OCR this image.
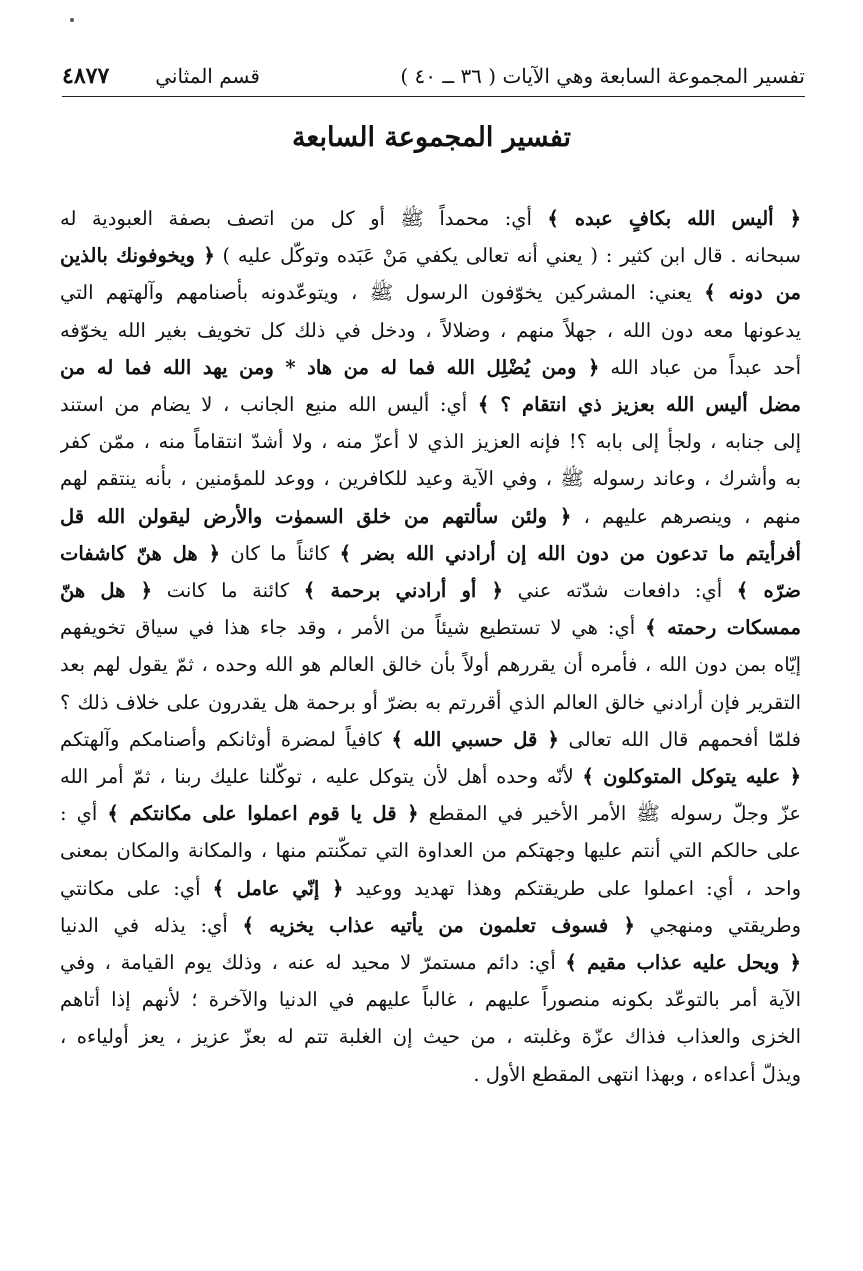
تفسير المجموعة السابعة وهي الآيات ( ٣٦ ــ ٤٠ )
قسم المثاني
٤٨٧٧
تفسير المجموعة السابعة
﴿ أليس الله بكافٍ عبده ﴾ أي: محمداً ﷺ أو كل من اتصف بصفة العبودية له
سبحانه . قال ابن كثير : ( يعني أنه تعالى يكفي مَنْ عَبَده وتوكّل عليه ) ﴿ ويخوفونك بالذين
من دونه ﴾ يعني: المشركين يخوّفون الرسول ﷺ ، ويتوعّدونه بأصنامهم وآلهتهم التي
يدعونها معه دون الله ، جهلاً منهم ، وضلالاً ، ودخل في ذلك كل تخويف بغير الله يخوّفه
أحد عبداً من عباد الله ﴿ ومن يُضْلِل الله فما له من هاد * ومن يهد الله فما له من
مضل أليس الله بعزيز ذي انتقام ؟ ﴾ أي: أليس الله منيع الجانب ، لا يضام من استند
إلى جنابه ، ولجأ إلى بابه ؟! فإنه العزيز الذي لا أعزّ منه ، ولا أشدّ انتقاماً منه ، ممّن كفر
به وأشرك ، وعاند رسوله ﷺ ، وفي الآية وعيد للكافرين ، ووعد للمؤمنين ، بأنه ينتقم لهم
منهم ، وينصرهم عليهم ، ﴿ ولئن سألتهم من خلق السموٰت والأرض ليقولن الله قل
أفرأيتم ما تدعون من دون الله إن أرادني الله بضر ﴾ كائناً ما كان ﴿ هل هنّ كاشفات
ضرّه ﴾ أي: دافعات شدّته عني ﴿ أو أرادني برحمة ﴾ كائنة ما كانت ﴿ هل هنّ
ممسكات رحمته ﴾ أي: هي لا تستطيع شيئاً من الأمر ، وقد جاء هذا في سياق تخويفهم
إيّاه بمن دون الله ، فأمره أن يقررهم أولاً بأن خالق العالم هو الله وحده ، ثمّ يقول لهم بعد
التقرير فإن أرادني خالق العالم الذي أقررتم به بضرّ أو برحمة هل يقدرون على خلاف ذلك ؟
فلمّا أفحمهم قال الله تعالى ﴿ قل حسبي الله ﴾ كافياً لمضرة أوثانكم وأصنامكم وآلهتكم
﴿ عليه يتوكل المتوكلون ﴾ لأنّه وحده أهل لأن يتوكل عليه ، توكّلنا عليك ربنا ، ثمّ أمر الله
عزّ وجلّ رسوله ﷺ الأمر الأخير في المقطع ﴿ قل يا قوم اعملوا على مكانتكم ﴾ أي :
على حالكم التي أنتم عليها وجهتكم من العداوة التي تمكّنتم منها ، والمكانة والمكان بمعنى
واحد ، أي: اعملوا على طريقتكم وهذا تهديد ووعيد ﴿ إنّي عامل ﴾ أي: على مكانتي
وطريقتي ومنهجي ﴿ فسوف تعلمون من يأتيه عذاب يخزيه ﴾ أي: يذله في الدنيا
﴿ ويحل عليه عذاب مقيم ﴾ أي: دائم مستمرّ لا محيد له عنه ، وذلك يوم القيامة ، وفي
الآية أمر بالتوعّد بكونه منصوراً عليهم ، غالباً عليهم في الدنيا والآخرة ؛ لأنهم إذا أتاهم
الخزى والعذاب فذاك عزّة وغلبته ، من حيث إن الغلبة تتم له بعزّ عزيز ، يعز أولياءه ،
ويذلّ أعداءه ، وبهذا انتهى المقطع الأول .
